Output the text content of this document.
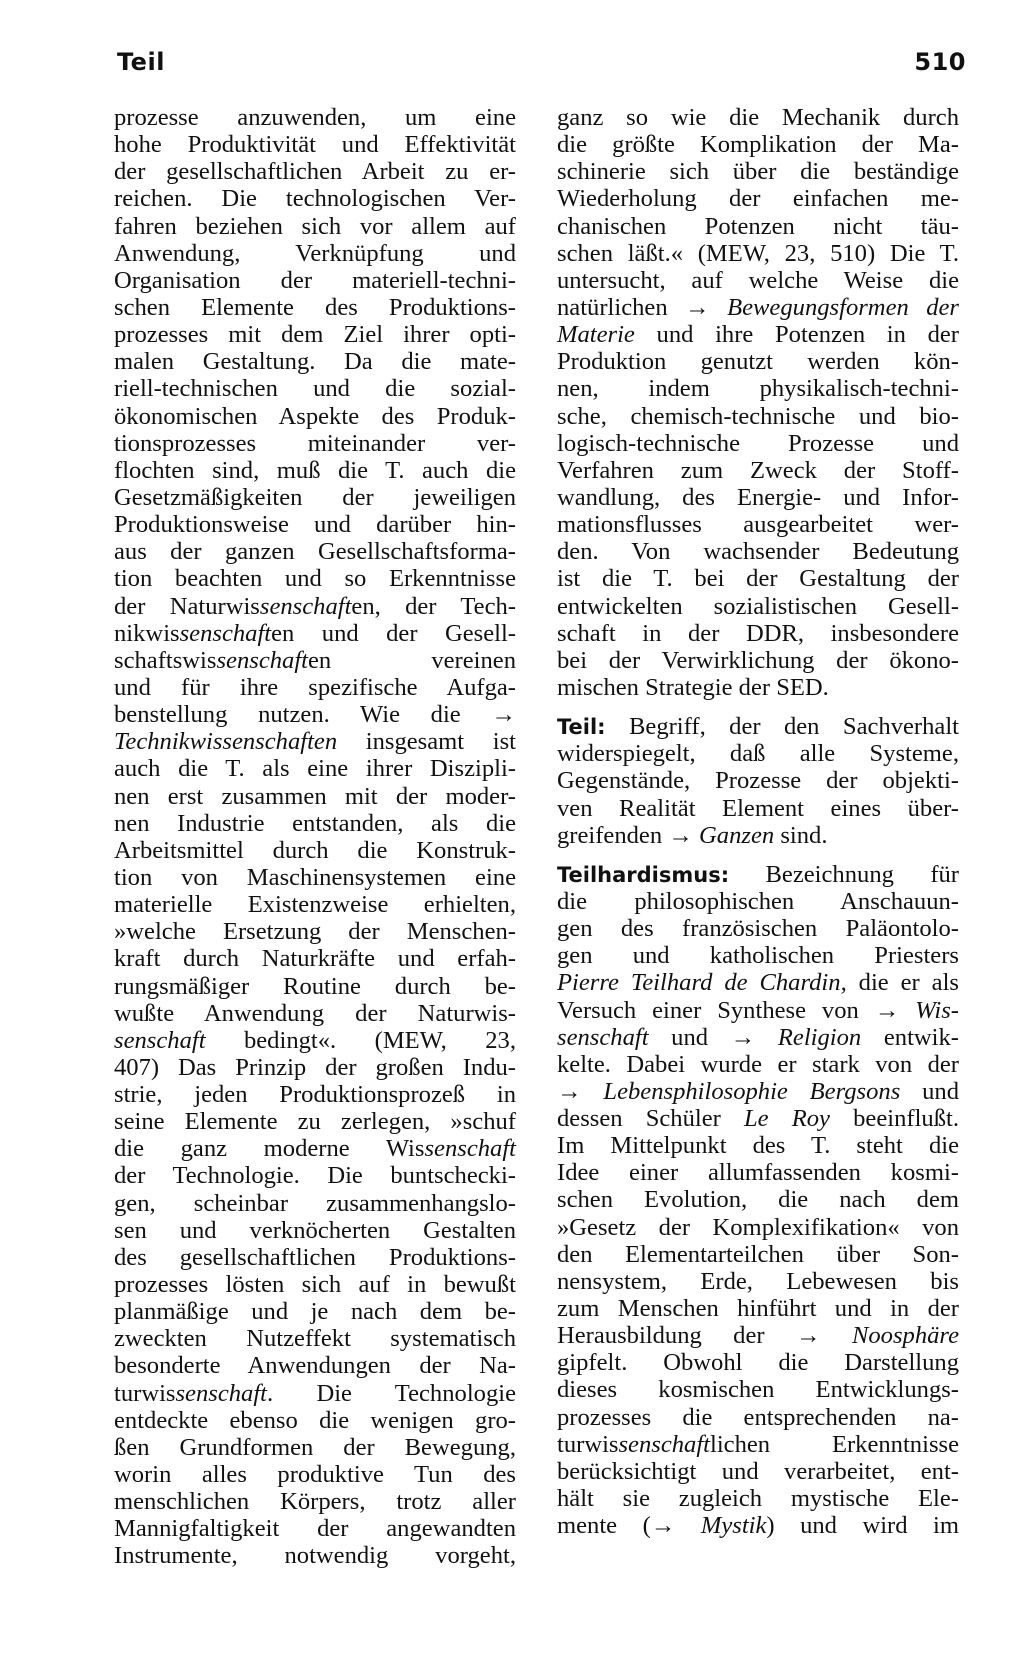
Teil	510
prozesse anzuwenden, um eine
hohe Produktivität und Effektivität
der gesellschaftlichen Arbeit zu er-
reichen. Die technologischen Ver-
fahren beziehen sich vor allem auf
Anwendung, Verknüpfung und
Organisation der materiell-techni-
schen Elemente des Produktions-
prozesses mit dem Ziel ihrer opti-
malen Gestaltung. Da die mate-
riell-technischen und die sozial-
ökonomischen Aspekte des Produk-
tionsprozesses miteinander ver-
flochten sind, muß die T. auch die
Gesetzmäßigkeiten der jeweiligen
Produktionsweise und darüber hin-
aus der ganzen Gesellschaftsforma-
tion beachten und so Erkenntnisse
der Naturwissenschaften, der Tech-
nikwissenschaften und der Gesell-
schaftswissenschaften vereinen
und für ihre spezifische Aufga-
benstellung nutzen. Wie die →
Technikwissenschaften insgesamt ist
auch die T. als eine ihrer Diszipli-
nen erst zusammen mit der moder-
nen Industrie entstanden, als die
Arbeitsmittel durch die Konstruk-
tion von Maschinensystemen eine
materielle Existenzweise erhielten,
»welche Ersetzung der Menschen-
kraft durch Naturkräfte und erfah-
rungsmäßiger Routine durch be-
wußte Anwendung der Naturwis-
senschaft bedingt«. (MEW, 23,
407) Das Prinzip der großen Indu-
strie, jeden Produktionsprozeß in
seine Elemente zu zerlegen, »schuf
die ganz moderne Wissenschaft
der Technologie. Die buntschecki-
gen, scheinbar zusammenhangslo-
sen und verknöcherten Gestalten
des gesellschaftlichen Produktions-
prozesses lösten sich auf in bewußt
planmäßige und je nach dem be-
zweckten Nutzeffekt systematisch
besonderte Anwendungen der Na-
turwissenschaft. Die Technologie
entdeckte ebenso die wenigen gro-
ßen Grundformen der Bewegung,
worin alles produktive Tun des
menschlichen Körpers, trotz aller
Mannigfaltigkeit der angewandten
Instrumente, notwendig vorgeht,
ganz so wie die Mechanik durch
die größte Komplikation der Ma-
schinerie sich über die beständige
Wiederholung der einfachen me-
chanischen Potenzen nicht täu-
schen läßt.« (MEW, 23, 510) Die T.
untersucht, auf welche Weise die
natürlichen → Bewegungsformen der
Materie und ihre Potenzen in der
Produktion genutzt werden kön-
nen, indem physikalisch-techni-
sche, chemisch-technische und bio-
logisch-technische Prozesse und
Verfahren zum Zweck der Stoff-
wandlung, des Energie- und Infor-
mationsflusses ausgearbeitet wer-
den. Von wachsender Bedeutung
ist die T. bei der Gestaltung der
entwickelten sozialistischen Gesell-
schaft in der DDR, insbesondere
bei der Verwirklichung der ökono-
mischen Strategie der SED.
Teil: Begriff, der den Sachverhalt
widerspiegelt, daß alle Systeme,
Gegenstände, Prozesse der objekti-
ven Realität Element eines über-
greifenden → Ganzen sind.
Teilhardismus: Bezeichnung für
die philosophischen Anschauun-
gen des französischen Paläontolo-
gen und katholischen Priesters
Pierre Teilhard de Chardin, die er als
Versuch einer Synthese von → Wis-
senschaft und → Religion entwik-
kelte. Dabei wurde er stark von der
→ Lebensphilosophie Bergsons und
dessen Schüler Le Roy beeinflußt.
Im Mittelpunkt des T. steht die
Idee einer allumfassenden kosmi-
schen Evolution, die nach dem
»Gesetz der Komplexifikation« von
den Elementarteilchen über Son-
nensystem, Erde, Lebewesen bis
zum Menschen hinführt und in der
Herausbildung der → Noosphäre
gipfelt. Obwohl die Darstellung
dieses kosmischen Entwicklungs-
prozesses die entsprechenden na-
turwissenschaftlichen Erkenntnisse
berücksichtigt und verarbeitet, ent-
hält sie zugleich mystische Ele-
mente (→ Mystik) und wird im
